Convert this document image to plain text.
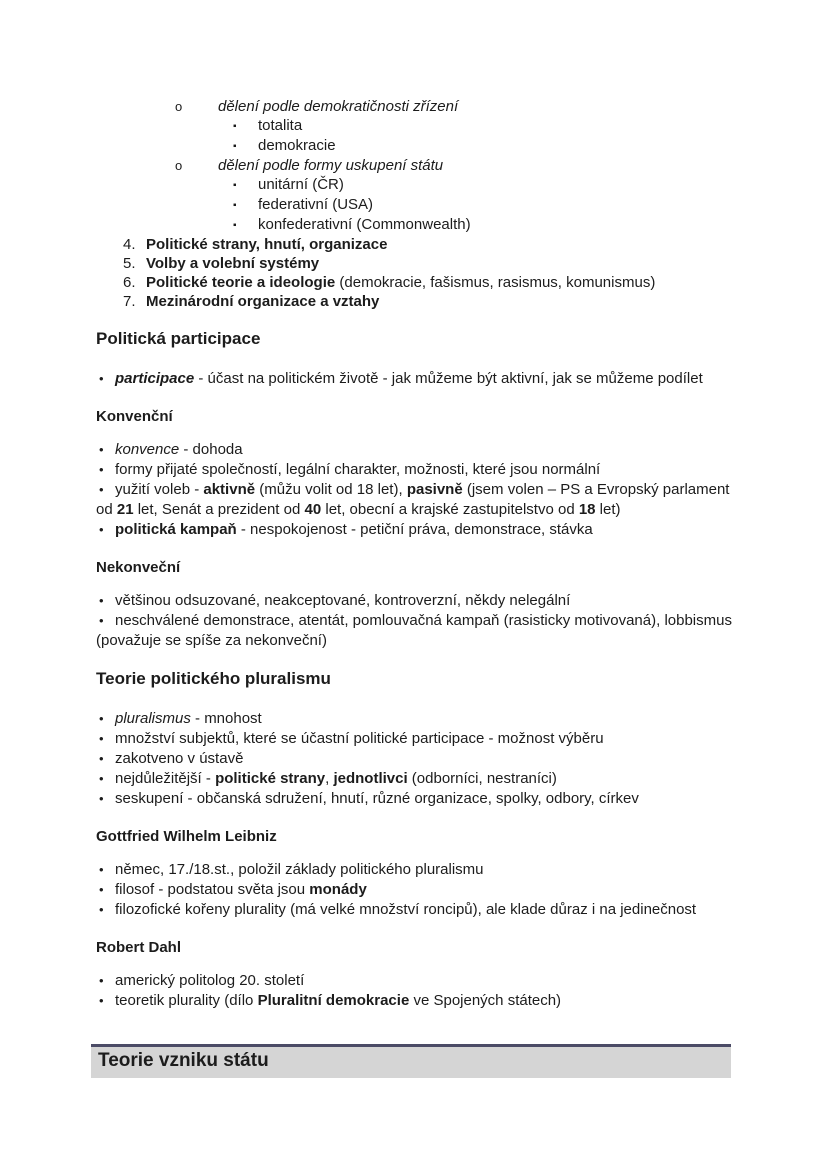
o dělení podle demokratičnosti zřízení
▪ totalita
▪ demokracie
o dělení podle formy uskupení státu
▪ unitární (ČR)
▪ federativní (USA)
▪ konfederativní (Commonwealth)
4. Politické strany, hnutí, organizace
5. Volby a volební systémy
6. Politické teorie a ideologie (demokracie, fašismus, rasismus, komunismus)
7. Mezinárodní organizace a vztahy
Politická participace
• participace - účast na politickém životě - jak můžeme být aktivní, jak se můžeme podílet
Konvenční
• konvence - dohoda
• formy přijaté společností, legální charakter, možnosti, které jsou normální
• yužití voleb - aktivně (můžu volit od 18 let), pasivně (jsem volen – PS a Evropský parlament od 21 let, Senát a prezident od 40 let, obecní a krajské zastupitelstvo od 18 let)
• politická kampaň - nespokojenost - petiční práva, demonstrace, stávka
Nekonveční
• většinou odsuzované, neakceptované, kontroverzní, někdy nelegální
• neschválené demonstrace, atentát, pomlouvačná kampaň (rasisticky motivovaná), lobbismus (považuje se spíše za nekonveční)
Teorie politického pluralismu
• pluralismus - mnohost
• množství subjektů, které se účastní politické participace - možnost výběru
• zakotveno v ústavě
• nejdůležitější - politické strany, jednotlivci (odborníci, nestraníci)
• seskupení - občanská sdružení, hnutí, různé organizace, spolky, odbory, církev
Gottfried Wilhelm Leibniz
• němec, 17./18.st., položil základy politického pluralismu
• filosof - podstatou světa jsou monády
• filozofické kořeny plurality (má velké množství roncipů), ale klade důraz i na jedinečnost
Robert Dahl
• americký politolog 20. století
• teoretik plurality (dílo Pluralitní demokracie ve Spojených státech)
Teorie vzniku státu
